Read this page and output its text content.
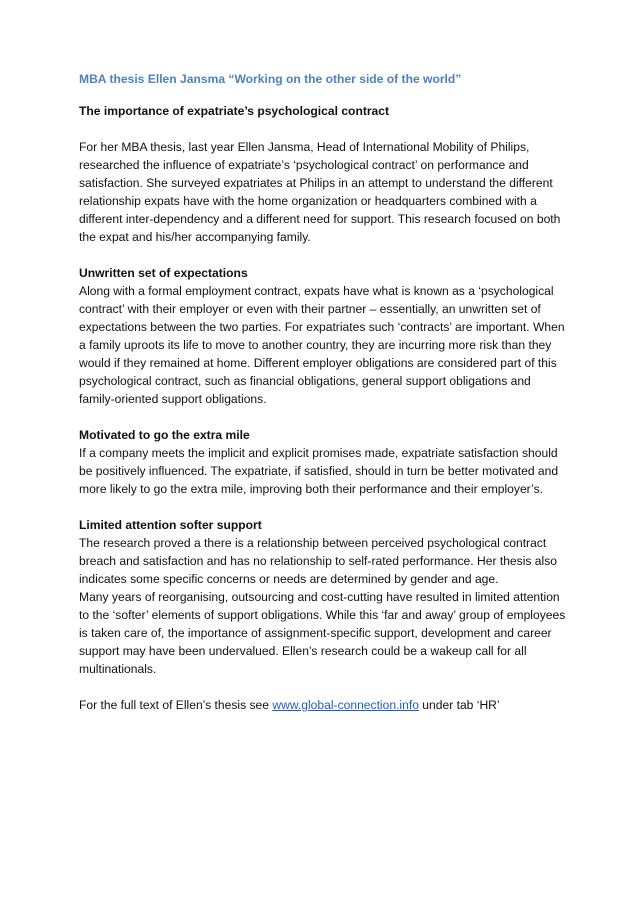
MBA thesis Ellen Jansma “Working on the other side of the world”

The importance of expatriate’s psychological contract

For her MBA thesis, last year Ellen Jansma, Head of International Mobility of Philips, researched the influence of expatriate’s ‘psychological contract’ on performance and satisfaction. She surveyed expatriates at Philips in an attempt to understand the different relationship expats have with the home organization or headquarters combined with a different inter-dependency and a different need for support. This research focused on both the expat and his/her accompanying family.

Unwritten set of expectations

Along with a formal employment contract, expats have what is known as a ‘psychological contract’ with their employer or even with their partner – essentially, an unwritten set of expectations between the two parties. For expatriates such ‘contracts’ are important. When a family uproots its life to move to another country, they are incurring more risk than they would if they remained at home. Different employer obligations are considered part of this psychological contract, such as financial obligations, general support obligations and family-oriented support obligations.

Motivated to go the extra mile

If a company meets the implicit and explicit promises made, expatriate satisfaction should be positively influenced. The expatriate, if satisfied, should in turn be better motivated and more likely to go the extra mile, improving both their performance and their employer’s.

Limited attention softer support

The research proved a there is a relationship between perceived psychological contract breach and satisfaction and has no relationship to self-rated performance. Her thesis also indicates some specific concerns or needs are determined by gender and age.

Many years of reorganising, outsourcing and cost-cutting have resulted in limited attention to the ‘softer’ elements of support obligations. While this ‘far and away’ group of employees is taken care of, the importance of assignment-specific support, development and career support may have been undervalued. Ellen’s research could be a wakeup call for all multinationals.

For the full text of Ellen’s thesis see www.global-connection.info under tab ‘HR’
